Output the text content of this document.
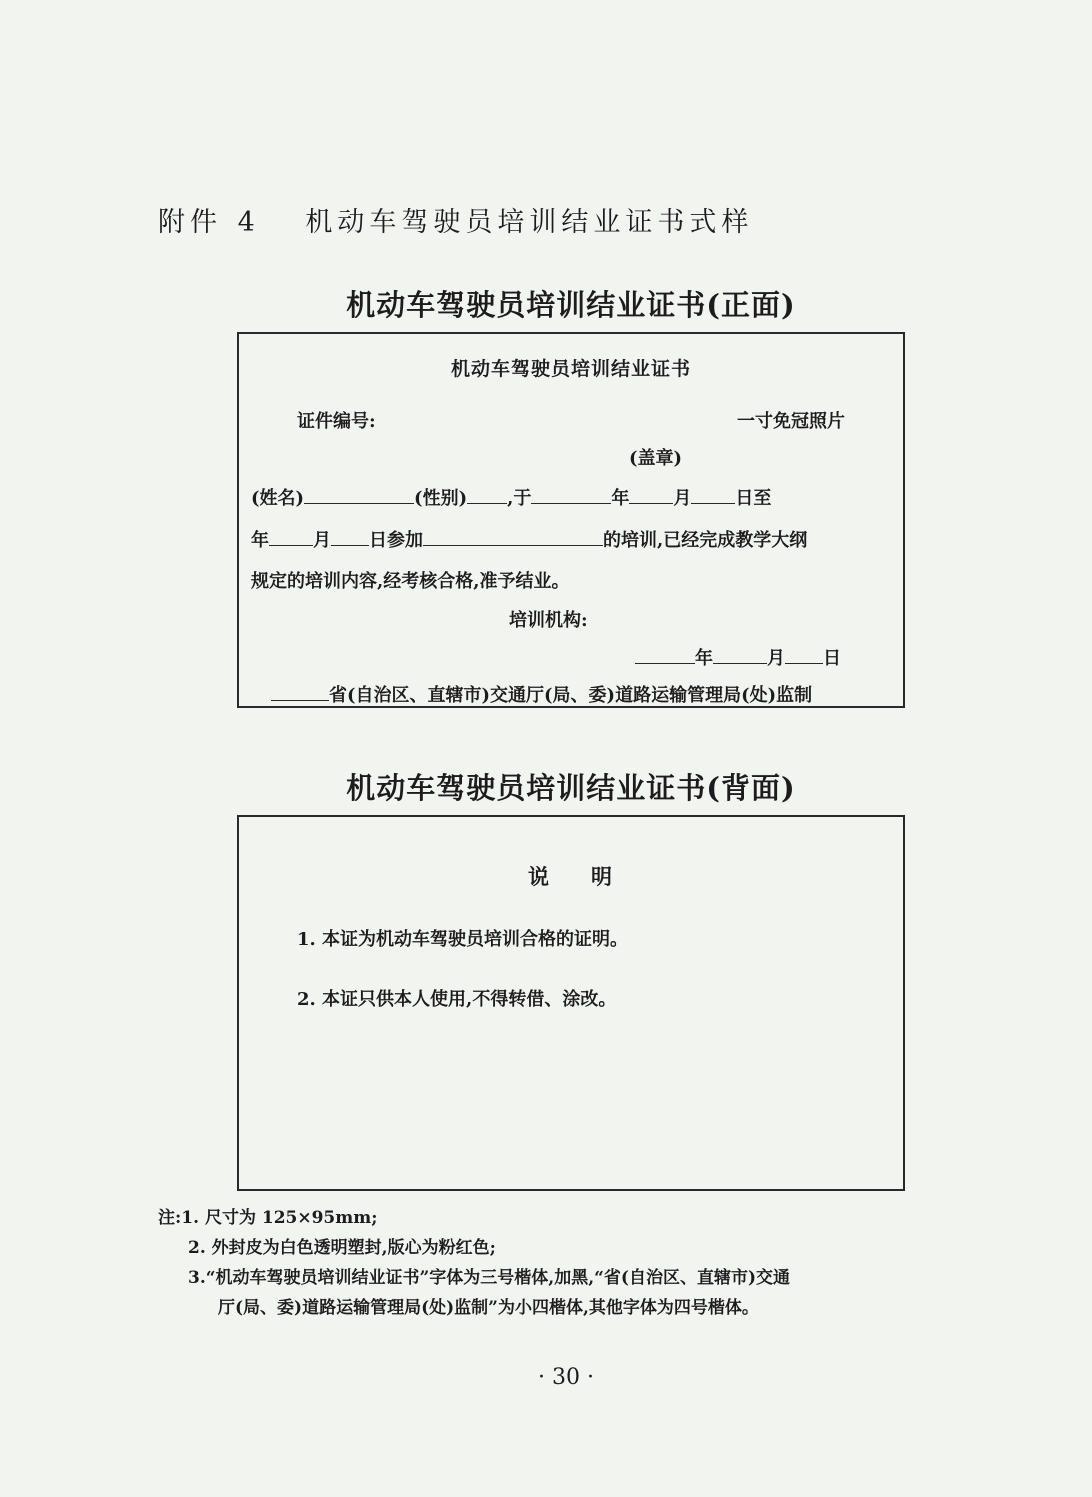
附件 4 机动车驾驶员培训结业证书式样
机动车驾驶员培训结业证书(正面)
机动车驾驶员培训结业证书
证件编号:	一寸免冠照片
(盖章)
(姓名)	(性别) ,于	年 月 日至
年 月 日参加	的培训,已经完成教学大纲
规定的培训内容,经考核合格,准予结业。
培训机构:
年	月 日
省(自治区、直辖市)交通厅(局、委)道路运输管理局(处)监制
机动车驾驶员培训结业证书(背面)
说 明
1. 本证为机动车驾驶员培训合格的证明。
2. 本证只供本人使用,不得转借、涂改。
注:1. 尺寸为 125×95mm;
2. 外封皮为白色透明塑封,版心为粉红色;
3.“机动车驾驶员培训结业证书”字体为三号楷体,加黑,“省(自治区、直辖市)交通
厅(局、委)道路运输管理局(处)监制”为小四楷体,其他字体为四号楷体。
· 30 ·
